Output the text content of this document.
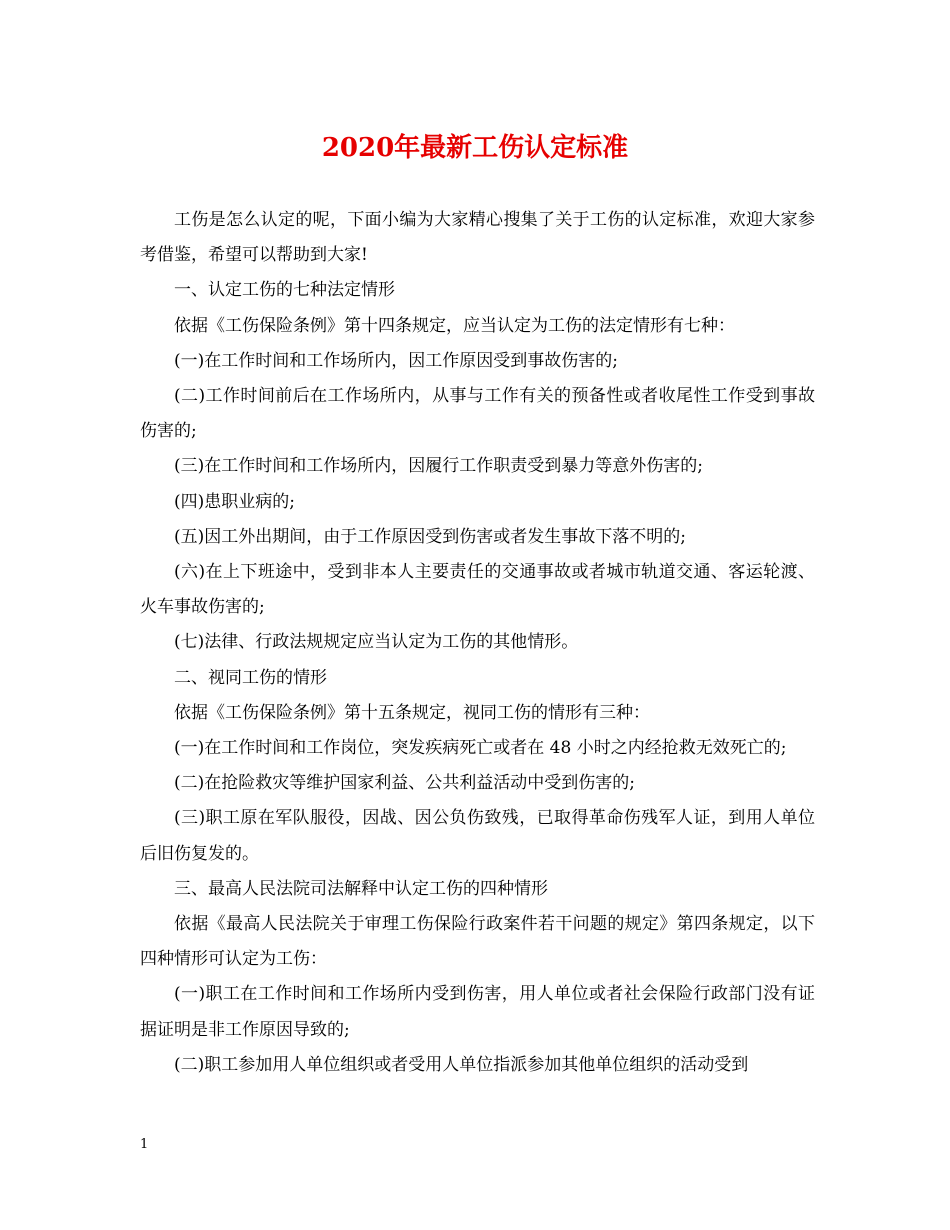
2020年最新工伤认定标准

工伤是怎么认定的呢，下面小编为大家精心搜集了关于工伤的认定标准，欢迎大家参考借鉴，希望可以帮助到大家!

一、认定工伤的七种法定情形

依据《工伤保险条例》第十四条规定，应当认定为工伤的法定情形有七种：

(一)在工作时间和工作场所内，因工作原因受到事故伤害的;

(二)工作时间前后在工作场所内，从事与工作有关的预备性或者收尾性工作受到事故伤害的;

(三)在工作时间和工作场所内，因履行工作职责受到暴力等意外伤害的;

(四)患职业病的;

(五)因工外出期间，由于工作原因受到伤害或者发生事故下落不明的;

(六)在上下班途中，受到非本人主要责任的交通事故或者城市轨道交通、客运轮渡、火车事故伤害的;

(七)法律、行政法规规定应当认定为工伤的其他情形。

二、视同工伤的情形

依据《工伤保险条例》第十五条规定，视同工伤的情形有三种：

(一)在工作时间和工作岗位，突发疾病死亡或者在 48 小时之内经抢救无效死亡的;

(二)在抢险救灾等维护国家利益、公共利益活动中受到伤害的;

(三)职工原在军队服役，因战、因公负伤致残，已取得革命伤残军人证，到用人单位后旧伤复发的。

三、最高人民法院司法解释中认定工伤的四种情形

依据《最高人民法院关于审理工伤保险行政案件若干问题的规定》第四条规定，以下四种情形可认定为工伤：

(一)职工在工作时间和工作场所内受到伤害，用人单位或者社会保险行政部门没有证据证明是非工作原因导致的;

(二)职工参加用人单位组织或者受用人单位指派参加其他单位组织的活动受到

1
